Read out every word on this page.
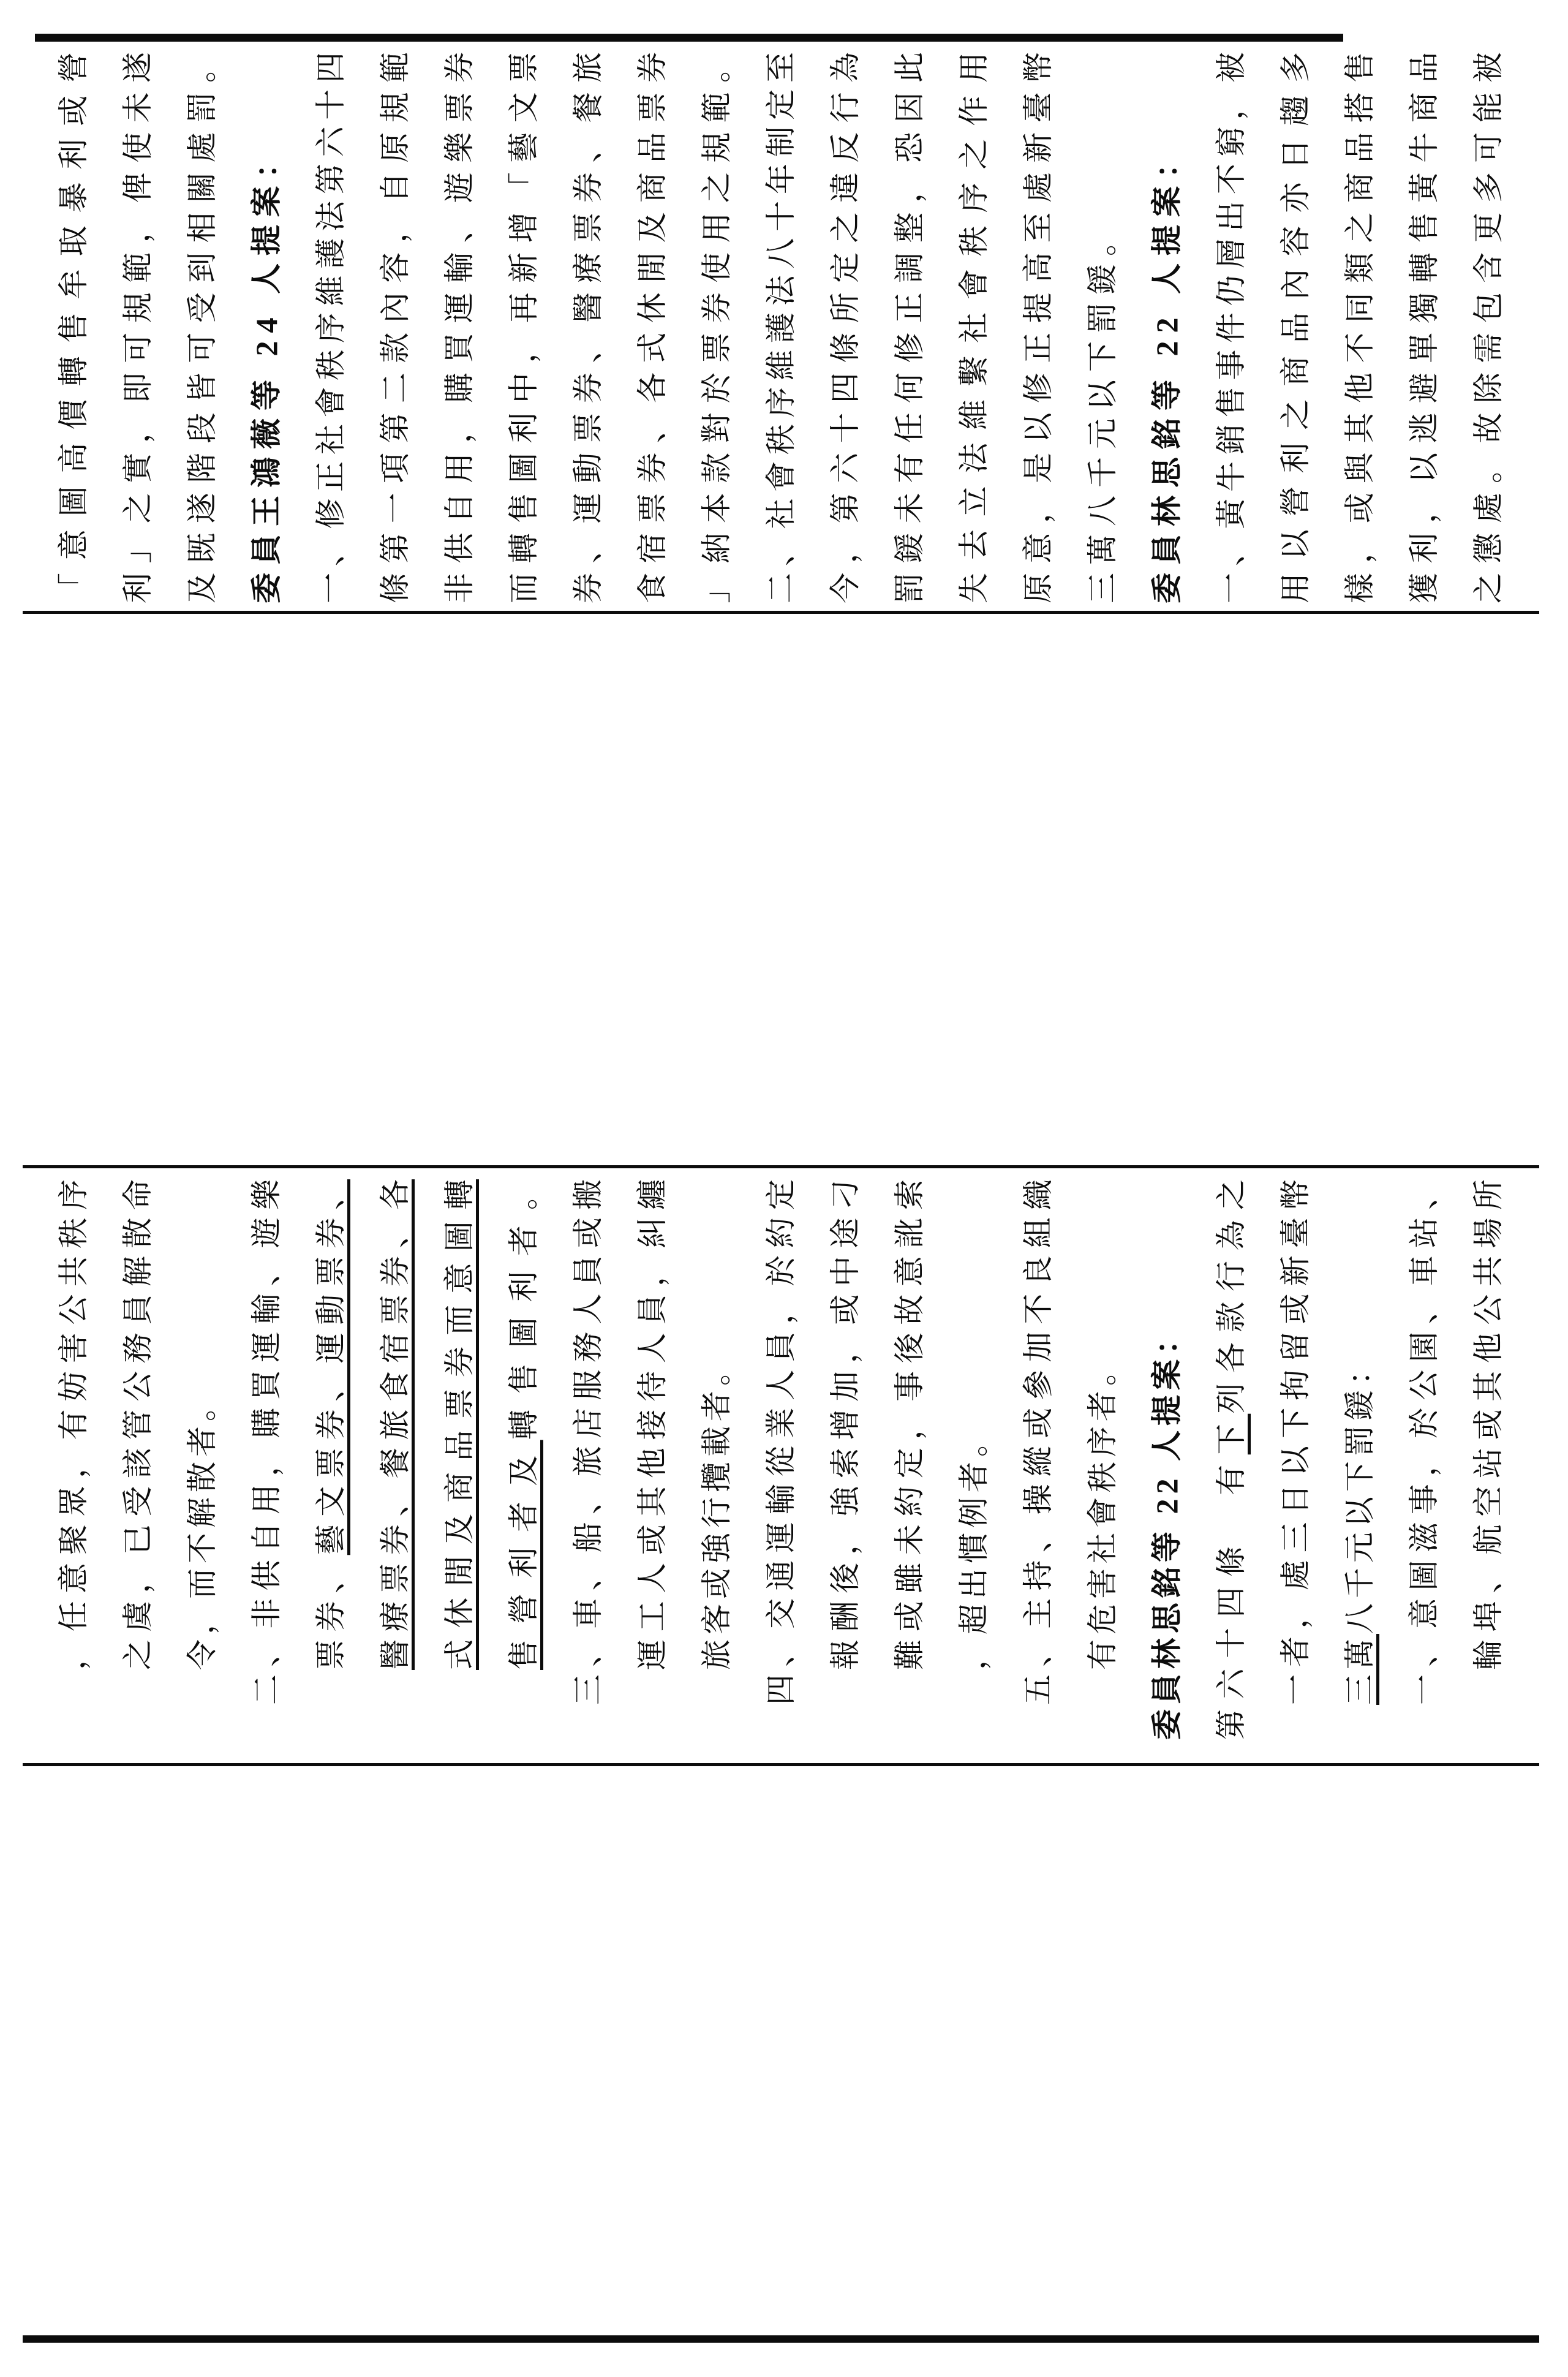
「意圖高價轉售牟取暴利或營 利」之實，即可規範，俾使未遂 及既遂階段皆可受到相關處罰。 委員王鴻薇等 24 人提案： 一、修正社會秩序維護法第六十四 條第一項第二款內容，自原規範 非供自用，購買運輸、遊樂票券 而轉售圖利中，再新增「藝文票 券、運動票券、醫療票券、餐旅 食宿票券、各式休閒及商品票券 」納本款對於票券使用之規範。 二、社會秩序維護法八十年制定至 今，第六十四條所定之違反行為 罰鍰未有任何修正調整，恐因此 失去立法維繫社會秩序之作用 原意，是以修正提高至處新臺幣 三萬八千元以下罰鍰。 委員林思銘等 22 人提案： 一、黃牛銷售事件仍層出不窮，被 用以營利之商品內容亦日趨多 樣，或與其他不同類之商品搭售 獲利，以逃避單獨轉售黃牛商品 之懲處。故除需包含更多可能被
，任意聚眾，有妨害公共秩序 之虞，已受該管公務員解散命 令，而不解散者。 二、非供自用，購買運輸、遊樂 票券、藝文票券、運動票券、 醫療票券、餐旅食宿票券、各 式休閒及商品票券而意圖轉 售營利者及轉售圖利者。 三、車、船、旅店服務人員或搬 運工人或其他接待人員，糾纏 旅客或強行攬載者。 四、交通運輸從業人員，於約定 報酬後，強索增加，或中途刁 難或雖未約定，事後故意訛索 ，超出慣例者。 五、主持、操縱或參加不良組織 有危害社會秩序者。 委員林思銘等 22 人提案： 第六十四條　有下列各款行為之 一者，處三日以下拘留或新臺幣 三萬八千元以下罰鍰： 一、意圖滋事，於公園、車站、 輪埠、航空站或其他公共場所
